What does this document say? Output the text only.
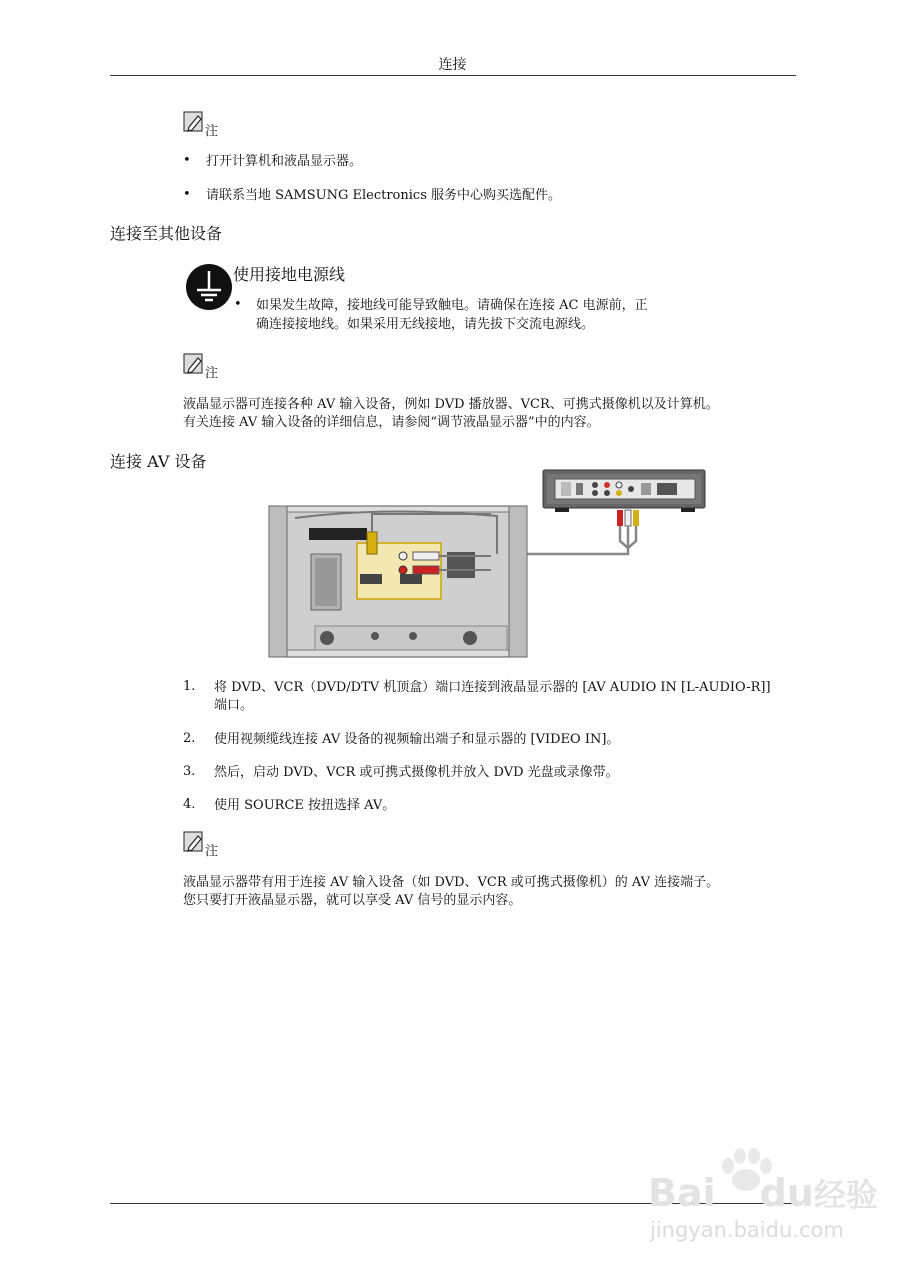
连接
注
• 打开计算机和液晶显示器。
• 请联系当地 SAMSUNG Electronics 服务中心购买选配件。
连接至其他设备
使用接地电源线
• 如果发生故障，接地线可能导致触电。请确保在连接 AC 电源前，正
确连接接地线。如果采用无线接地，请先拔下交流电源线。
注
液晶显示器可连接各种 AV 输入设备，例如 DVD 播放器、VCR、可携式摄像机以及计算机。
有关连接 AV 输入设备的详细信息，请参阅“调节液晶显示器”中的内容。
连接 AV 设备
1. 将 DVD、VCR（DVD/DTV 机顶盒）端口连接到液晶显示器的 [AV AUDIO IN [L-AUDIO-R]]
端口。
2. 使用视频缆线连接 AV 设备的视频输出端子和显示器的 [VIDEO IN]。
3. 然后，启动 DVD、VCR 或可携式摄像机并放入 DVD 光盘或录像带。
4. 使用 SOURCE 按扭选择 AV。
注
液晶显示器带有用于连接 AV 输入设备（如 DVD、VCR 或可携式摄像机）的 AV 连接端子。
您只要打开液晶显示器，就可以享受 AV 信号的显示内容。
Bai du经验
jingyan.baidu.com
